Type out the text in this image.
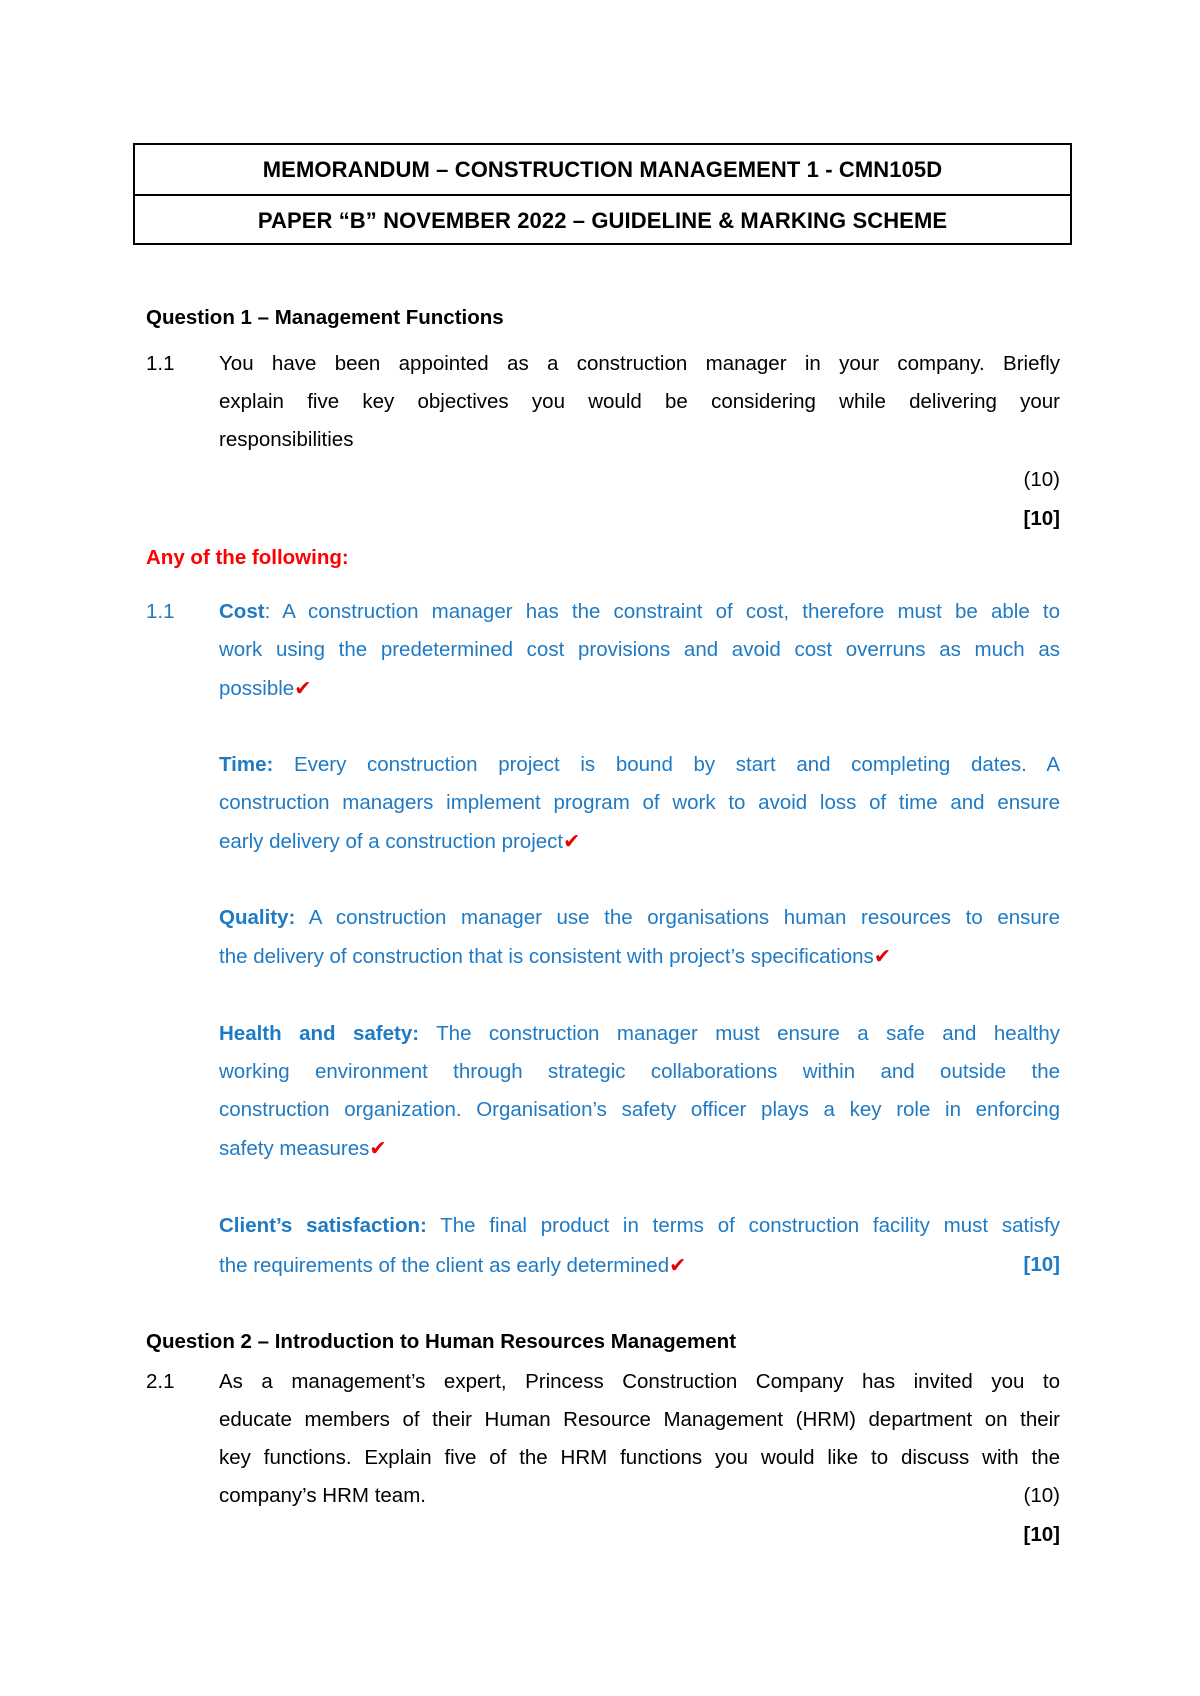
MEMORANDUM – CONSTRUCTION MANAGEMENT 1 - CMN105D
PAPER “B” NOVEMBER 2022 – GUIDELINE & MARKING SCHEME
Question 1 – Management Functions
1.1 You have been appointed as a construction manager in your company. Briefly
explain five key objectives you would be considering while delivering your
responsibilities
(10)
[10]
Any of the following:
1.1 Cost: A construction manager has the constraint of cost, therefore must be able to
work using the predetermined cost provisions and avoid cost overruns as much as
possible✔
Time: Every construction project is bound by start and completing dates. A
construction managers implement program of work to avoid loss of time and ensure
early delivery of a construction project✔
Quality: A construction manager use the organisations human resources to ensure
the delivery of construction that is consistent with project’s specifications✔
Health and safety: The construction manager must ensure a safe and healthy
working environment through strategic collaborations within and outside the
construction organization. Organisation’s safety officer plays a key role in enforcing
safety measures✔
Client’s satisfaction: The final product in terms of construction facility must satisfy
the requirements of the client as early determined✔	[10]
Question 2 – Introduction to Human Resources Management
2.1 As a management’s expert, Princess Construction Company has invited you to
educate members of their Human Resource Management (HRM) department on their
key functions. Explain five of the HRM functions you would like to discuss with the
company’s HRM team.	(10)
[10]
